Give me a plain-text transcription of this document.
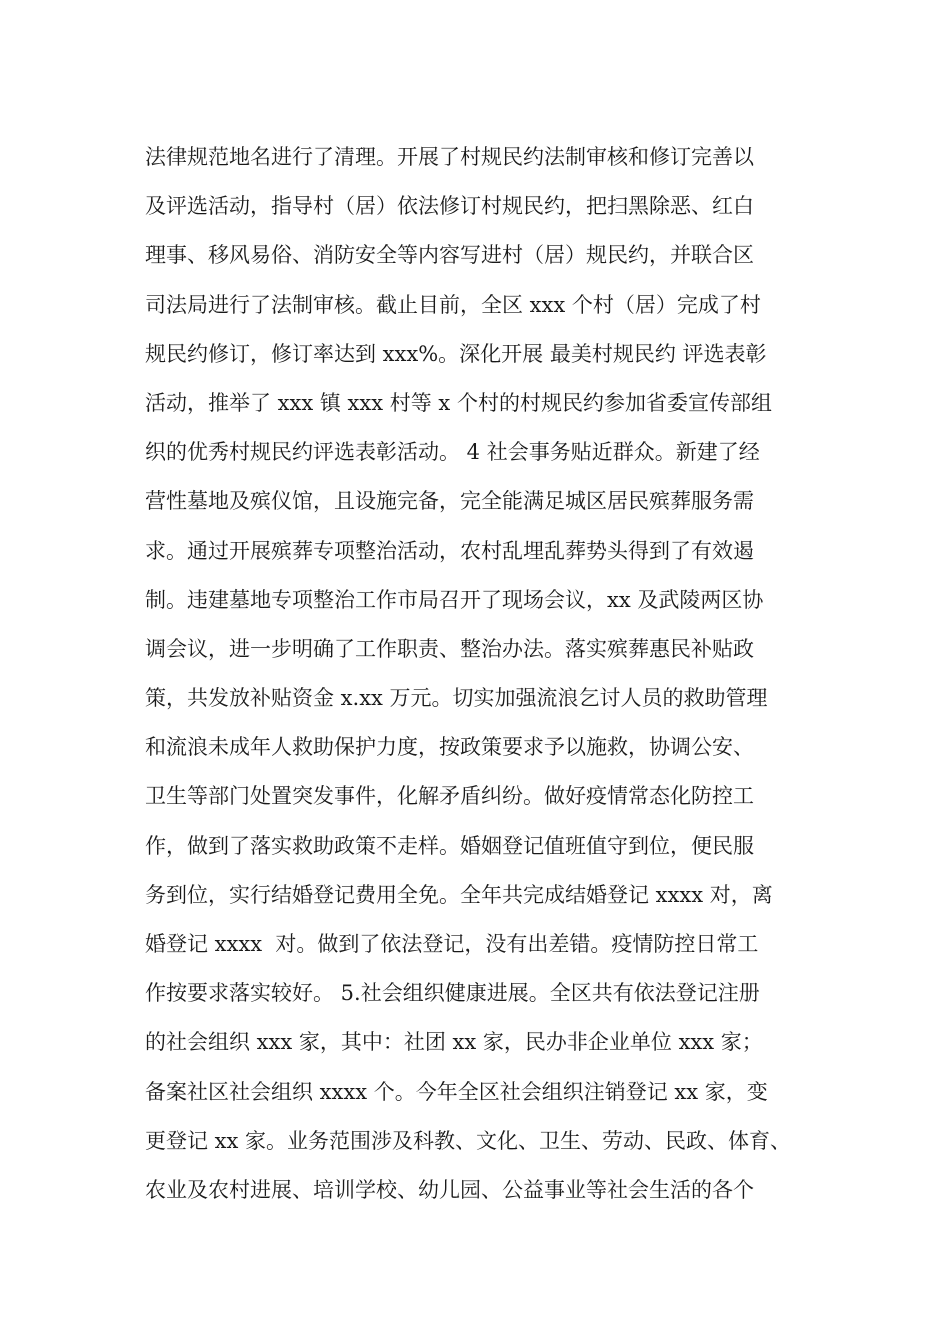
法律规范地名进行了清理。开展了村规民约法制审核和修订完善以
及评选活动，指导村（居）依法修订村规民约，把扫黑除恶、红白
理事、移风易俗、消防安全等内容写进村（居）规民约，并联合区
司法局进行了法制审核。截止目前，全区 xxx 个村（居）完成了村
规民约修订，修订率达到 xxx%。深化开展 最美村规民约 评选表彰
活动，推举了 xxx 镇 xxx 村等 x 个村的村规民约参加省委宣传部组
织的优秀村规民约评选表彰活动。 4 社会事务贴近群众。新建了经
营性墓地及殡仪馆，且设施完备，完全能满足城区居民殡葬服务需
求。通过开展殡葬专项整治活动，农村乱埋乱葬势头得到了有效遏
制。违建墓地专项整治工作市局召开了现场会议，xx 及武陵两区协
调会议，进一步明确了工作职责、整治办法。落实殡葬惠民补贴政
策，共发放补贴资金 x.xx 万元。切实加强流浪乞讨人员的救助管理
和流浪未成年人救助保护力度，按政策要求予以施救，协调公安、
卫生等部门处置突发事件，化解矛盾纠纷。做好疫情常态化防控工
作，做到了落实救助政策不走样。婚姻登记值班值守到位，便民服
务到位，实行结婚登记费用全免。全年共完成结婚登记 xxxx 对，离
婚登记 xxxx  对。做到了依法登记，没有出差错。疫情防控日常工
作按要求落实较好。 5.社会组织健康进展。全区共有依法登记注册
的社会组织 xxx 家，其中：社团 xx 家，民办非企业单位 xxx 家；
备案社区社会组织 xxxx 个。今年全区社会组织注销登记 xx 家，变
更登记 xx 家。业务范围涉及科教、文化、卫生、劳动、民政、体育、
农业及农村进展、培训学校、幼儿园、公益事业等社会生活的各个
